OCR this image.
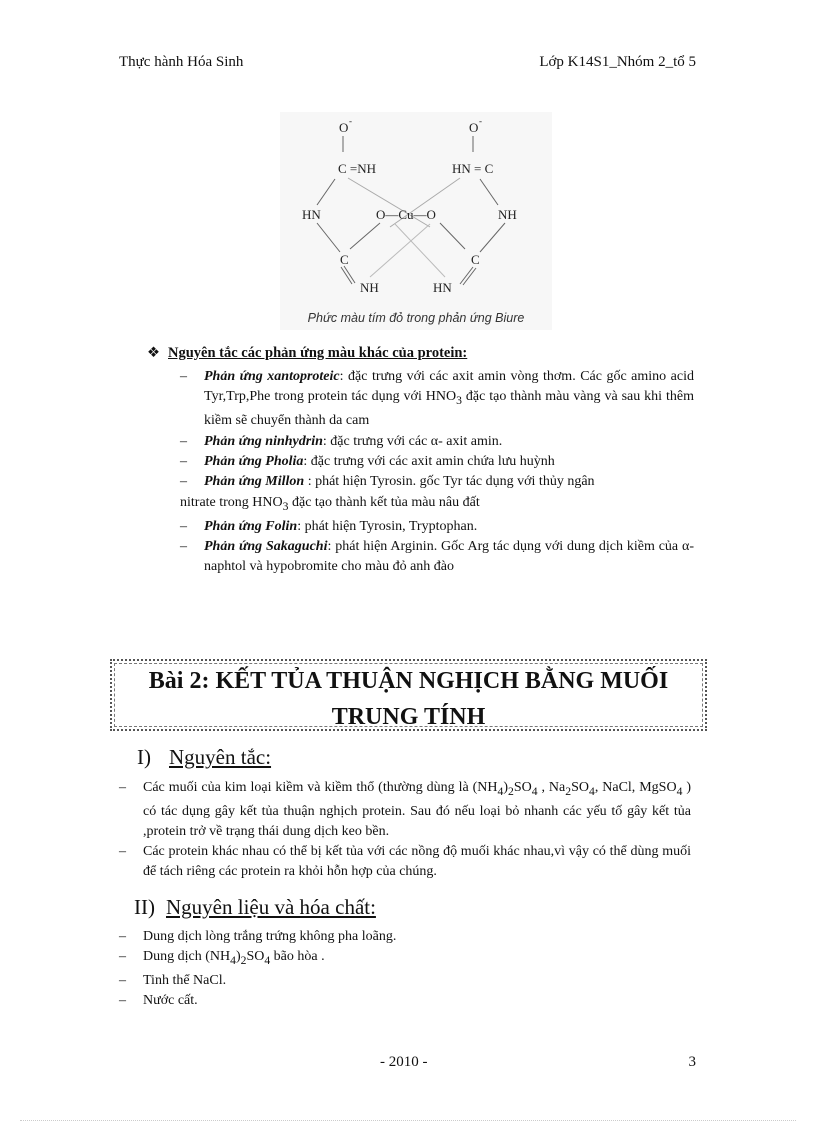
Thực hành Hóa Sinh	Lớp K14S1_Nhóm 2_tổ 5
O -	O -
C =NH	HN = C
HN	O—Cu—O	NH
C	C
NH	HN
Phức màu tím đỏ trong phản ứng Biure
❖ Nguyên tắc các phản ứng màu khác của protein:
– Phản ứng xantoproteic: đặc trưng với các axit amin vòng thơm. Các gốc amino acid Tyr,Trp,Phe trong protein tác dụng với $HNO_3$ đặc tạo thành màu vàng và sau khi thêm kiềm sẽ chuyển thành da cam
– Phản ứng ninhydrin: đặc trưng với các α- axit amin.
– Phản ứng Pholia: đặc trưng với các axit amin chứa lưu huỳnh
–	Phản ứng Millon : phát hiện Tyrosin. gốc Tyr tác dụng với thủy ngân
nitrate trong $HNO_3$ đặc tạo thành kết tủa màu nâu đất
– Phản ứng Folin: phát hiện Tyrosin, Tryptophan.
– Phản ứng Sakaguchi: phát hiện Arginin. Gốc Arg tác dụng với dung dịch kiềm của α-naphtol và hypobromite cho màu đỏ anh đào
Bài 2: KẾT TỦA THUẬN NGHỊCH BẰNG MUỐI
TRUNG TÍNH
I) Nguyên tắc:
– Các muối của kim loại kiềm và kiềm thổ (thường dùng là $(NH_4)_2SO_4$ , $Na_2SO_4$, NaCl, MgSO$_4$ ) có tác dụng gây kết tủa thuận nghịch protein. Sau đó nếu loại bỏ nhanh các yếu tố gây kết tủa ,protein trở về trạng thái dung dịch keo bền.
– Các protein khác nhau có thể bị kết tủa với các nồng độ muối khác nhau,vì vậy có thể dùng muối để tách riêng các protein ra khỏi hỗn hợp của chúng.
II) Nguyên liệu và hóa chất:
– Dung dịch lòng trắng trứng không pha loãng.
– Dung dịch $(NH_4)_2SO_4$ bão hòa .
– Tinh thể NaCl.
– Nước cất.
- 2010 -	3
